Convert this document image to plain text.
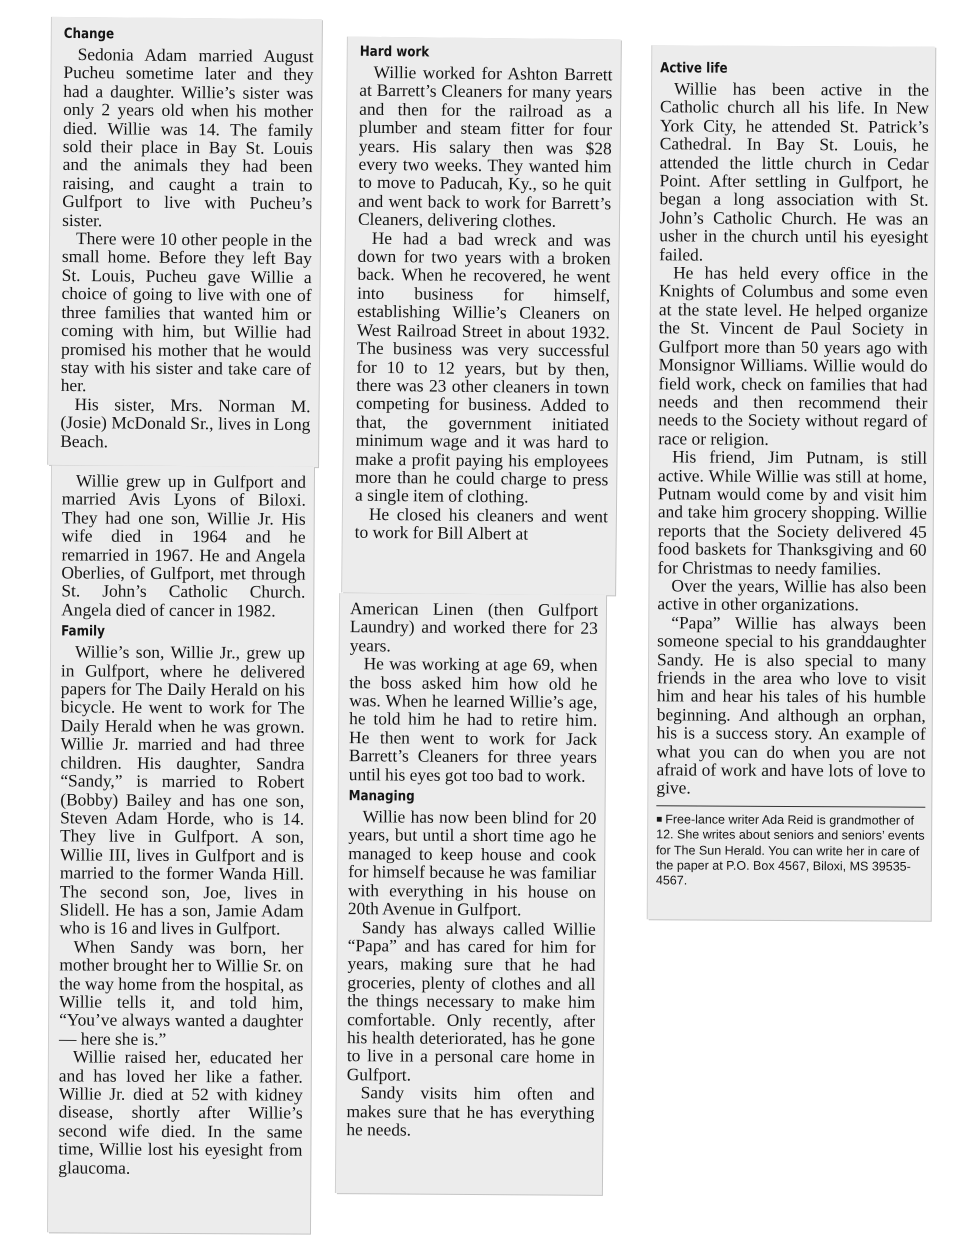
Change

Sedonia Adam married August Pucheu sometime later and they had a daughter. Willie’s sister was only 2 years old when his mother died. Willie was 14. The family sold their place in Bay St. Louis and the animals they had been raising, and caught a train to Gulfport to live with Pucheu’s sister.

There were 10 other people in the small home. Before they left Bay St. Louis, Pucheu gave Willie a choice of going to live with one of three families that wanted him or coming with him, but Willie had promised his mother that he would stay with his sister and take care of her.

His sister, Mrs. Norman M. (Josie) McDonald Sr., lives in Long Beach.

Willie grew up in Gulfport and married Avis Lyons of Biloxi. They had one son, Willie Jr. His wife died in 1964 and he remarried in 1967. He and Angela Oberlies, of Gulfport, met through St. John’s Catholic Church. Angela died of cancer in 1982.

Family

Willie’s son, Willie Jr., grew up in Gulfport, where he delivered papers for The Daily Herald on his bicycle. He went to work for The Daily Herald when he was grown. Willie Jr. married and had three children. His daughter, Sandra “Sandy,” is married to Robert (Bobby) Bailey and has one son, Steven Adam Horde, who is 14. They live in Gulfport. A son, Willie III, lives in Gulfport and is married to the former Wanda Hill. The second son, Joe, lives in Slidell. He has a son, Jamie Adam who is 16 and lives in Gulfport.

When Sandy was born, her mother brought her to Willie Sr. on the way home from the hospital, as Willie tells it, and told him, “You’ve always wanted a daughter — here she is.”

Willie raised her, educated her and has loved her like a father. Willie Jr. died at 52 with kidney disease, shortly after Willie’s second wife died. In the same time, Willie lost his eyesight from glaucoma.

Hard work

Willie worked for Ashton Barrett at Barrett’s Cleaners for many years and then for the railroad as a plumber and steam fitter for four years. His salary then was $28 every two weeks. They wanted him to move to Paducah, Ky., so he quit and went back to work for Barrett’s Cleaners, delivering clothes.

He had a bad wreck and was down for two years with a broken back. When he recovered, he went into business for himself, establishing Willie’s Cleaners on West Railroad Street in about 1932. The business was very successful for 10 to 12 years, but by then, there was 23 other cleaners in town competing for business. Added to that, the government initiated minimum wage and it was hard to make a profit paying his employees more than he could charge to press a single item of clothing.

He closed his cleaners and went to work for Bill Albert at

American Linen (then Gulfport Laundry) and worked there for 23 years.

He was working at age 69, when the boss asked him how old he was. When he learned Willie’s age, he told him he had to retire him. He then went to work for Jack Barrett’s Cleaners for three years until his eyes got too bad to work.

Managing

Willie has now been blind for 20 years, but until a short time ago he managed to keep house and cook for himself because he was familiar with everything in his house on 20th Avenue in Gulfport.

Sandy has always called Willie “Papa” and has cared for him for years, making sure that he had groceries, plenty of clothes and all the things necessary to make him comfortable. Only recently, after his health deteriorated, has he gone to live in a personal care home in Gulfport.

Sandy visits him often and makes sure that he has everything he needs.

Active life

Willie has been active in the Catholic church all his life. In New York City, he attended St. Patrick’s Cathedral. In Bay St. Louis, he attended the little church in Cedar Point. After settling in Gulfport, he began a long association with St. John’s Catholic Church. He was an usher in the church until his eyesight failed.

He has held every office in the Knights of Columbus and some even at the state level. He helped organize the St. Vincent de Paul Society in Gulfport more than 50 years ago with Monsignor Williams. Willie would do field work, check on families that had needs and then recommend their needs to the Society without regard of race or religion.

His friend, Jim Putnam, is still active. While Willie was still at home, Putnam would come by and visit him and take him grocery shopping. Willie reports that the Society delivered 45 food baskets for Thanksgiving and 60 for Christmas to needy families.

Over the years, Willie has also been active in other organizations.

“Papa” Willie has always been someone special to his granddaughter Sandy. He is also special to many friends in the area who love to visit him and hear his tales of his humble beginning. And although an orphan, his is a success story. An example of what you can do when you are not afraid of work and have lots of love to give.

■ Free-lance writer Ada Reid is grandmother of 12. She writes about seniors and seniors’ events for The Sun Herald. You can write her in care of the paper at P.O. Box 4567, Biloxi, MS 39535-4567.
